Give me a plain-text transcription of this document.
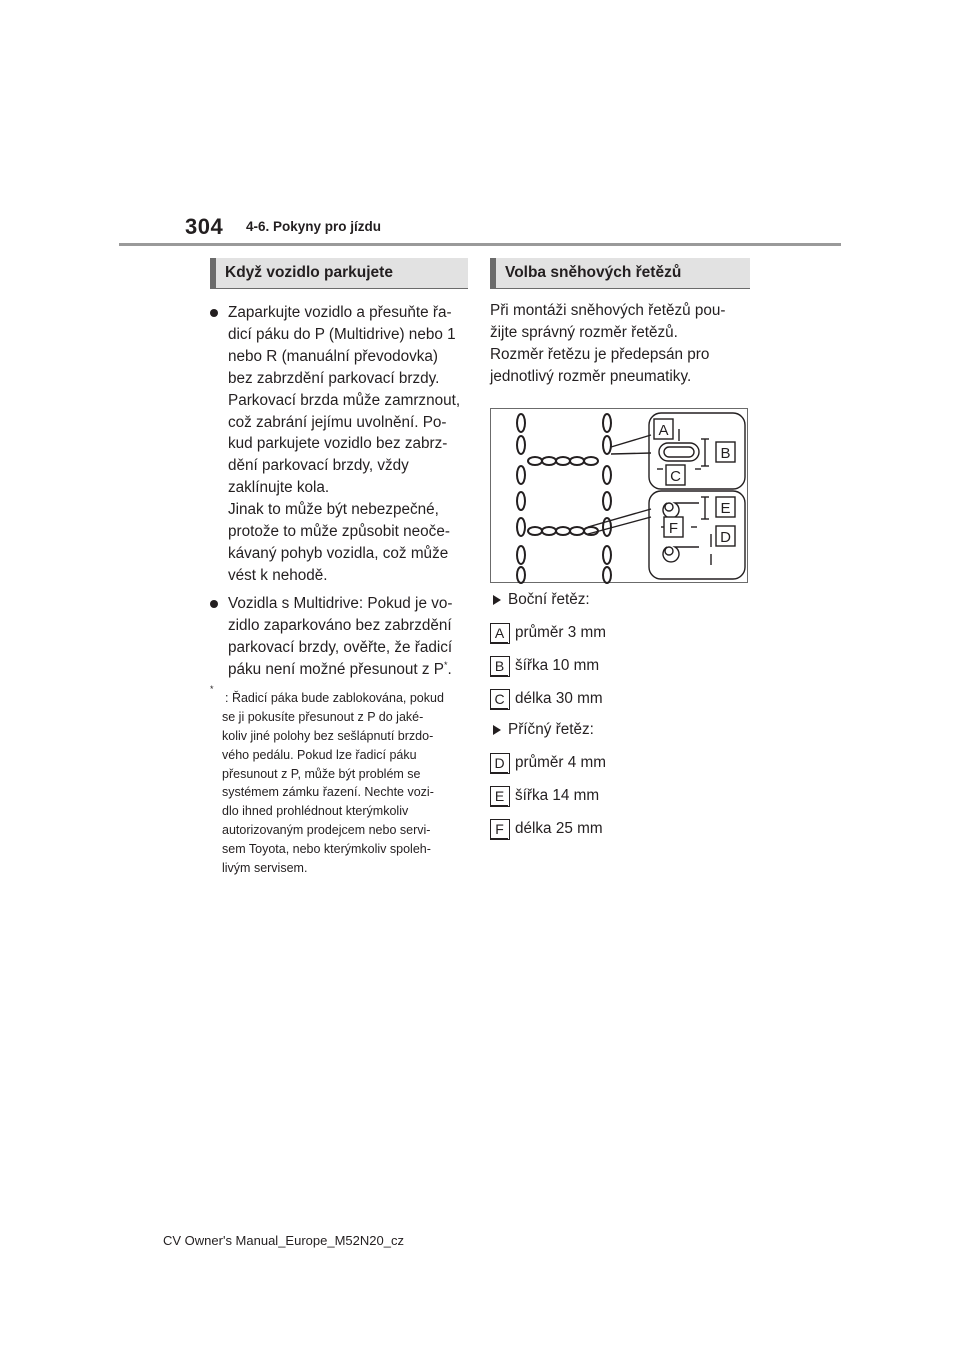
304 4-6. Pokyny pro jízdu
Když vozidlo parkujete
Zaparkujte vozidlo a přesuňte řa-
dicí páku do P (Multidrive) nebo 1
nebo R (manuální převodovka)
bez zabrzdění parkovací brzdy.
Parkovací brzda může zamrznout,
což zabrání jejímu uvolnění. Po-
kud parkujete vozidlo bez zabrz-
dění parkovací brzdy, vždy
zaklínujte kola.
Jinak to může být nebezpečné,
protože to může způsobit neoče-
kávaný pohyb vozidla, což může
vést k nehodě.
Vozidla s Multidrive: Pokud je vo-
zidlo zaparkováno bez zabrzdění
parkovací brzdy, ověřte, že řadicí
páku není možné přesunout z P*.
*
: Řadicí páka bude zablokována, pokud
se ji pokusíte přesunout z P do jaké-
koliv jiné polohy bez sešlápnutí brzdo-
vého pedálu. Pokud lze řadicí páku
přesunout z P, může být problém se
systémem zámku řazení. Nechte vozi-
dlo ihned prohlédnout kterýmkoliv
autorizovaným prodejcem nebo servi-
sem Toyota, nebo kterýmkoliv spoleh-
livým servisem.
Volba sněhových řetězů
Při montáži sněhových řetězů pou-
žijte správný rozměr řetězů.
Rozměr řetězu je předepsán pro
jednotlivý rozměr pneumatiky.
A
B
C
E
F
D
Boční řetěz:
A průměr 3 mm
B šířka 10 mm
C délka 30 mm
Příčný řetěz:
D průměr 4 mm
E šířka 14 mm
F délka 25 mm
CV Owner's Manual_Europe_M52N20_cz
